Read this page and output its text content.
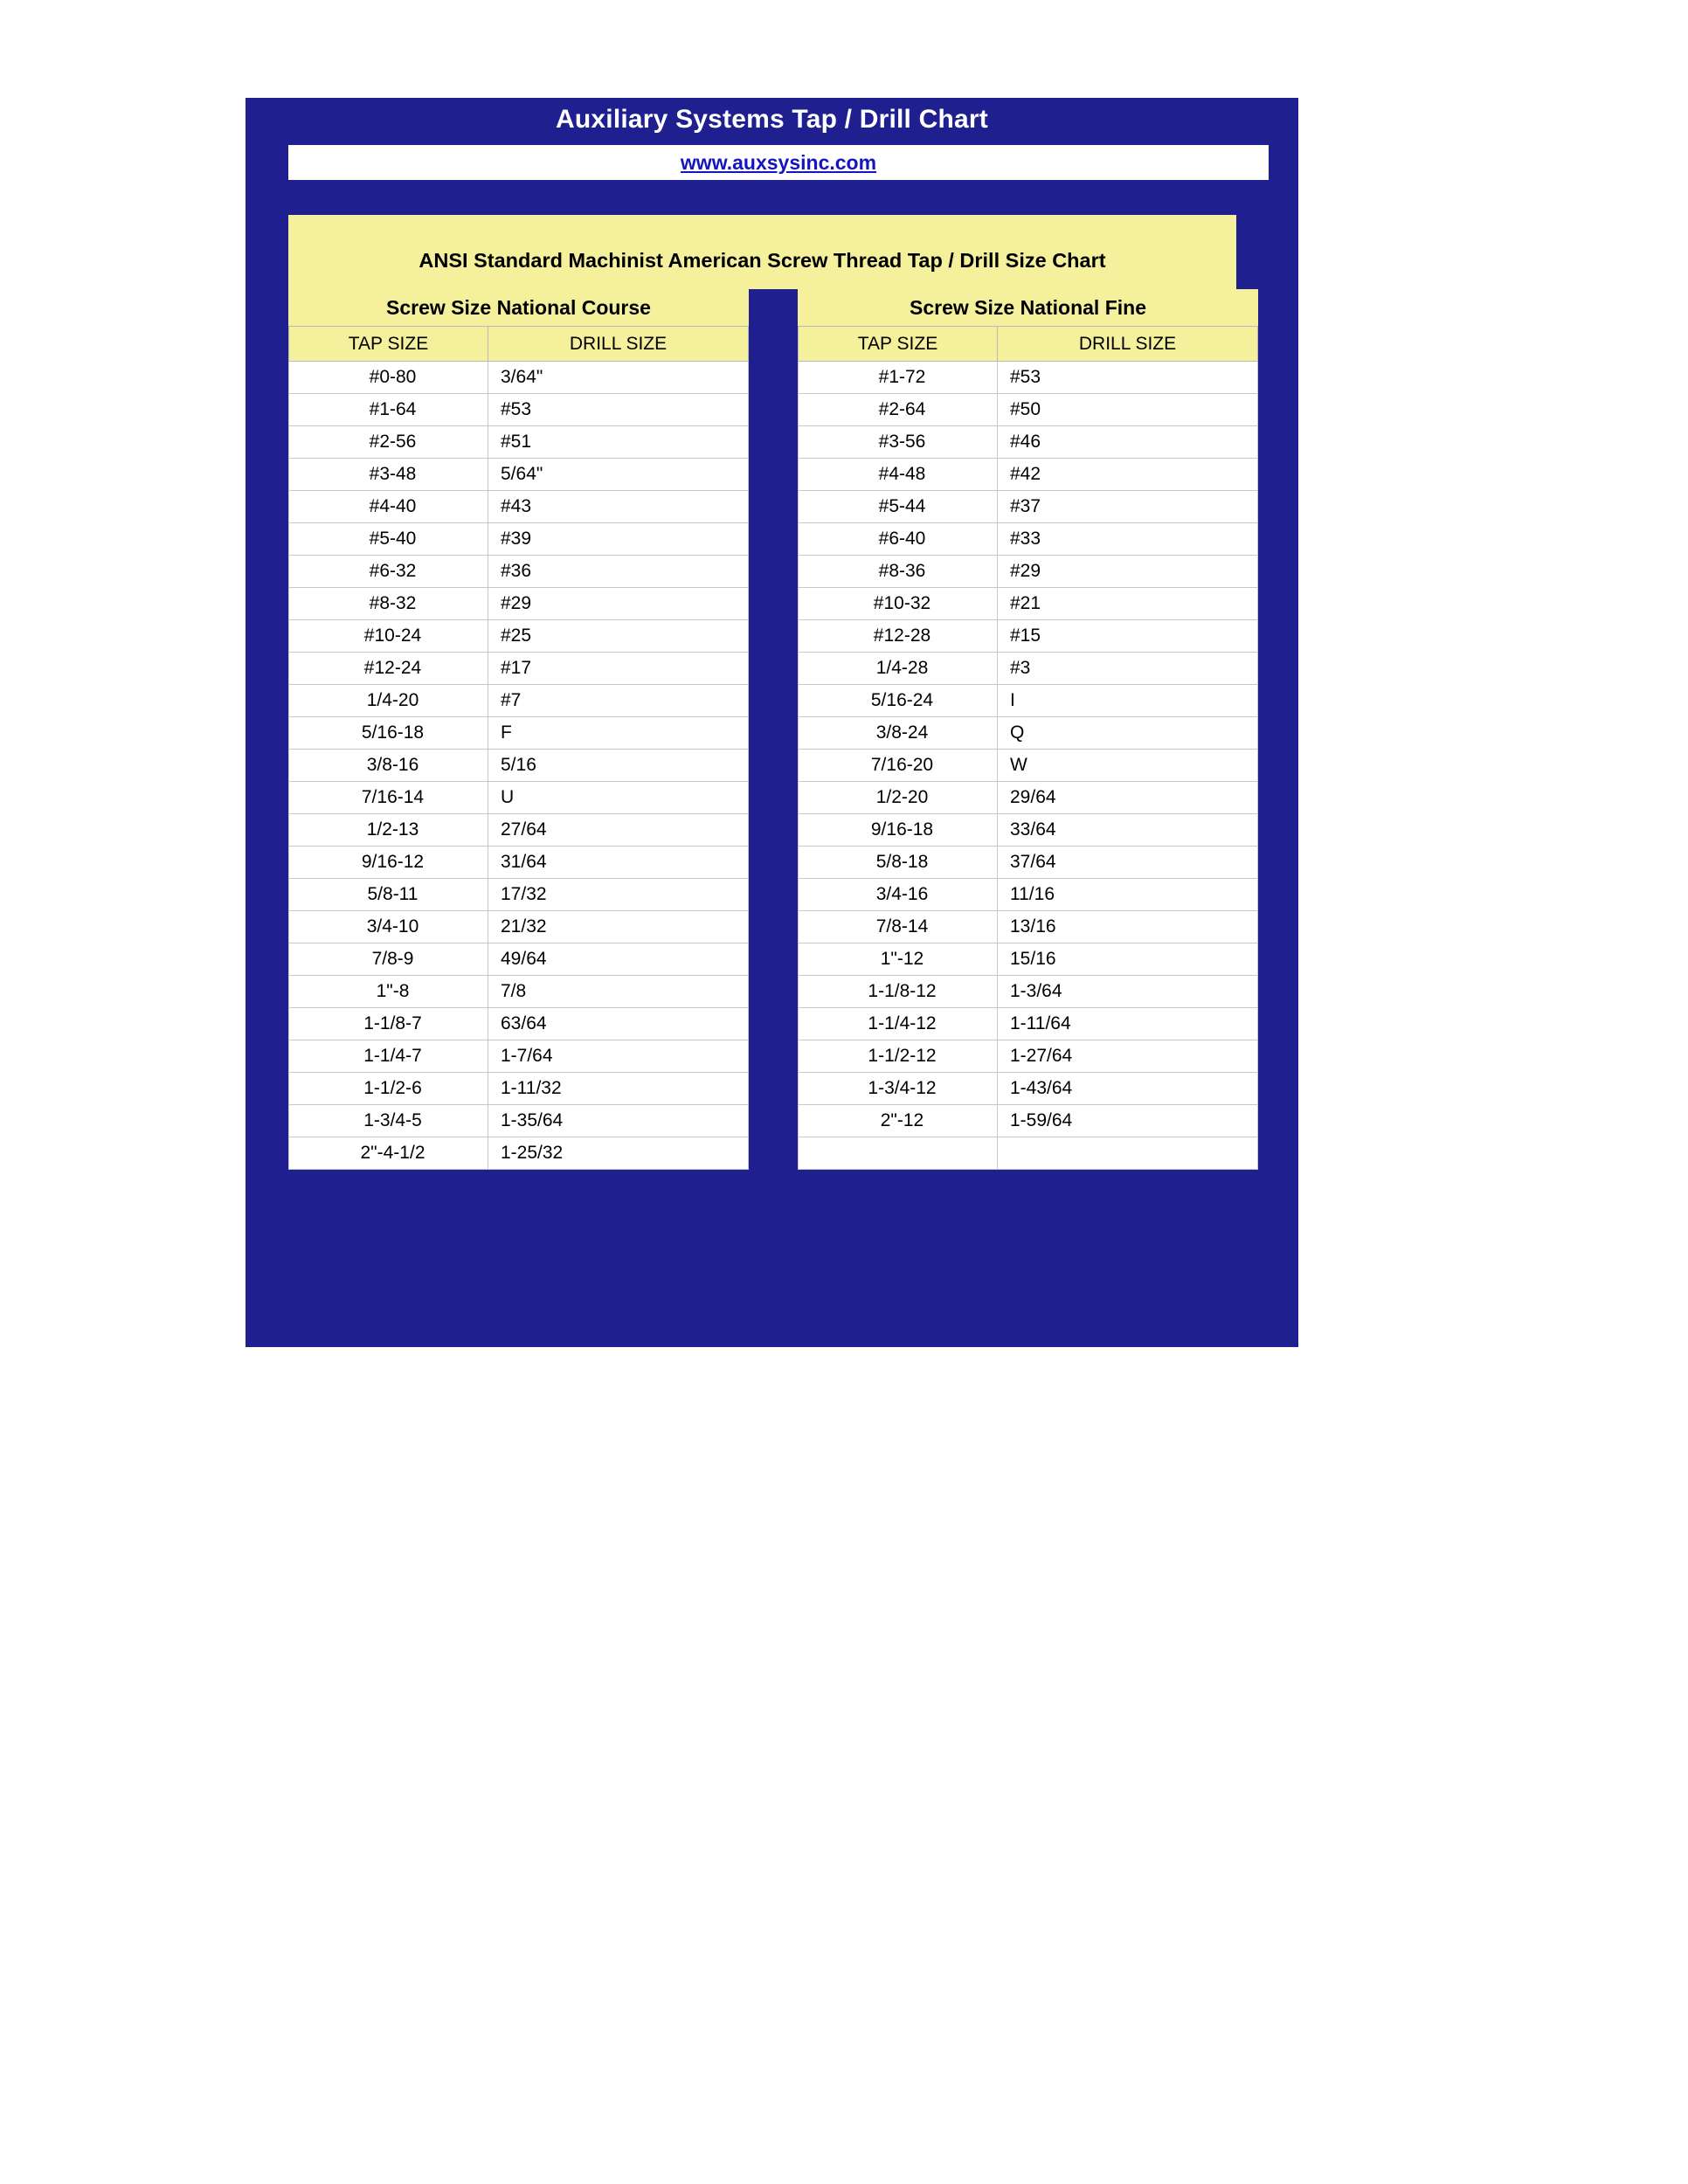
Auxiliary Systems Tap / Drill Chart
www.auxsysinc.com
ANSI Standard Machinist American Screw Thread Tap / Drill Size Chart
Screw Size National Course
TAP SIZE	DRILL SIZE
#0-80	3/64"
#1-64	#53
#2-56	#51
#3-48	5/64"
#4-40	#43
#5-40	#39
#6-32	#36
#8-32	#29
#10-24	#25
#12-24	#17
1/4-20	#7
5/16-18	F
3/8-16	5/16
7/16-14	U
1/2-13	27/64
9/16-12	31/64
5/8-11	17/32
3/4-10	21/32
7/8-9	49/64
1"-8	7/8
1-1/8-7	63/64
1-1/4-7	1-7/64
1-1/2-6	1-11/32
1-3/4-5	1-35/64
2"-4-1/2	1-25/32
Screw Size National Fine
TAP SIZE	DRILL SIZE
#1-72	#53
#2-64	#50
#3-56	#46
#4-48	#42
#5-44	#37
#6-40	#33
#8-36	#29
#10-32	#21
#12-28	#15
1/4-28	#3
5/16-24	I
3/8-24	Q
7/16-20	W
1/2-20	29/64
9/16-18	33/64
5/8-18	37/64
3/4-16	11/16
7/8-14	13/16
1"-12	15/16
1-1/8-12	1-3/64
1-1/4-12	1-11/64
1-1/2-12	1-27/64
1-3/4-12	1-43/64
2"-12	1-59/64
